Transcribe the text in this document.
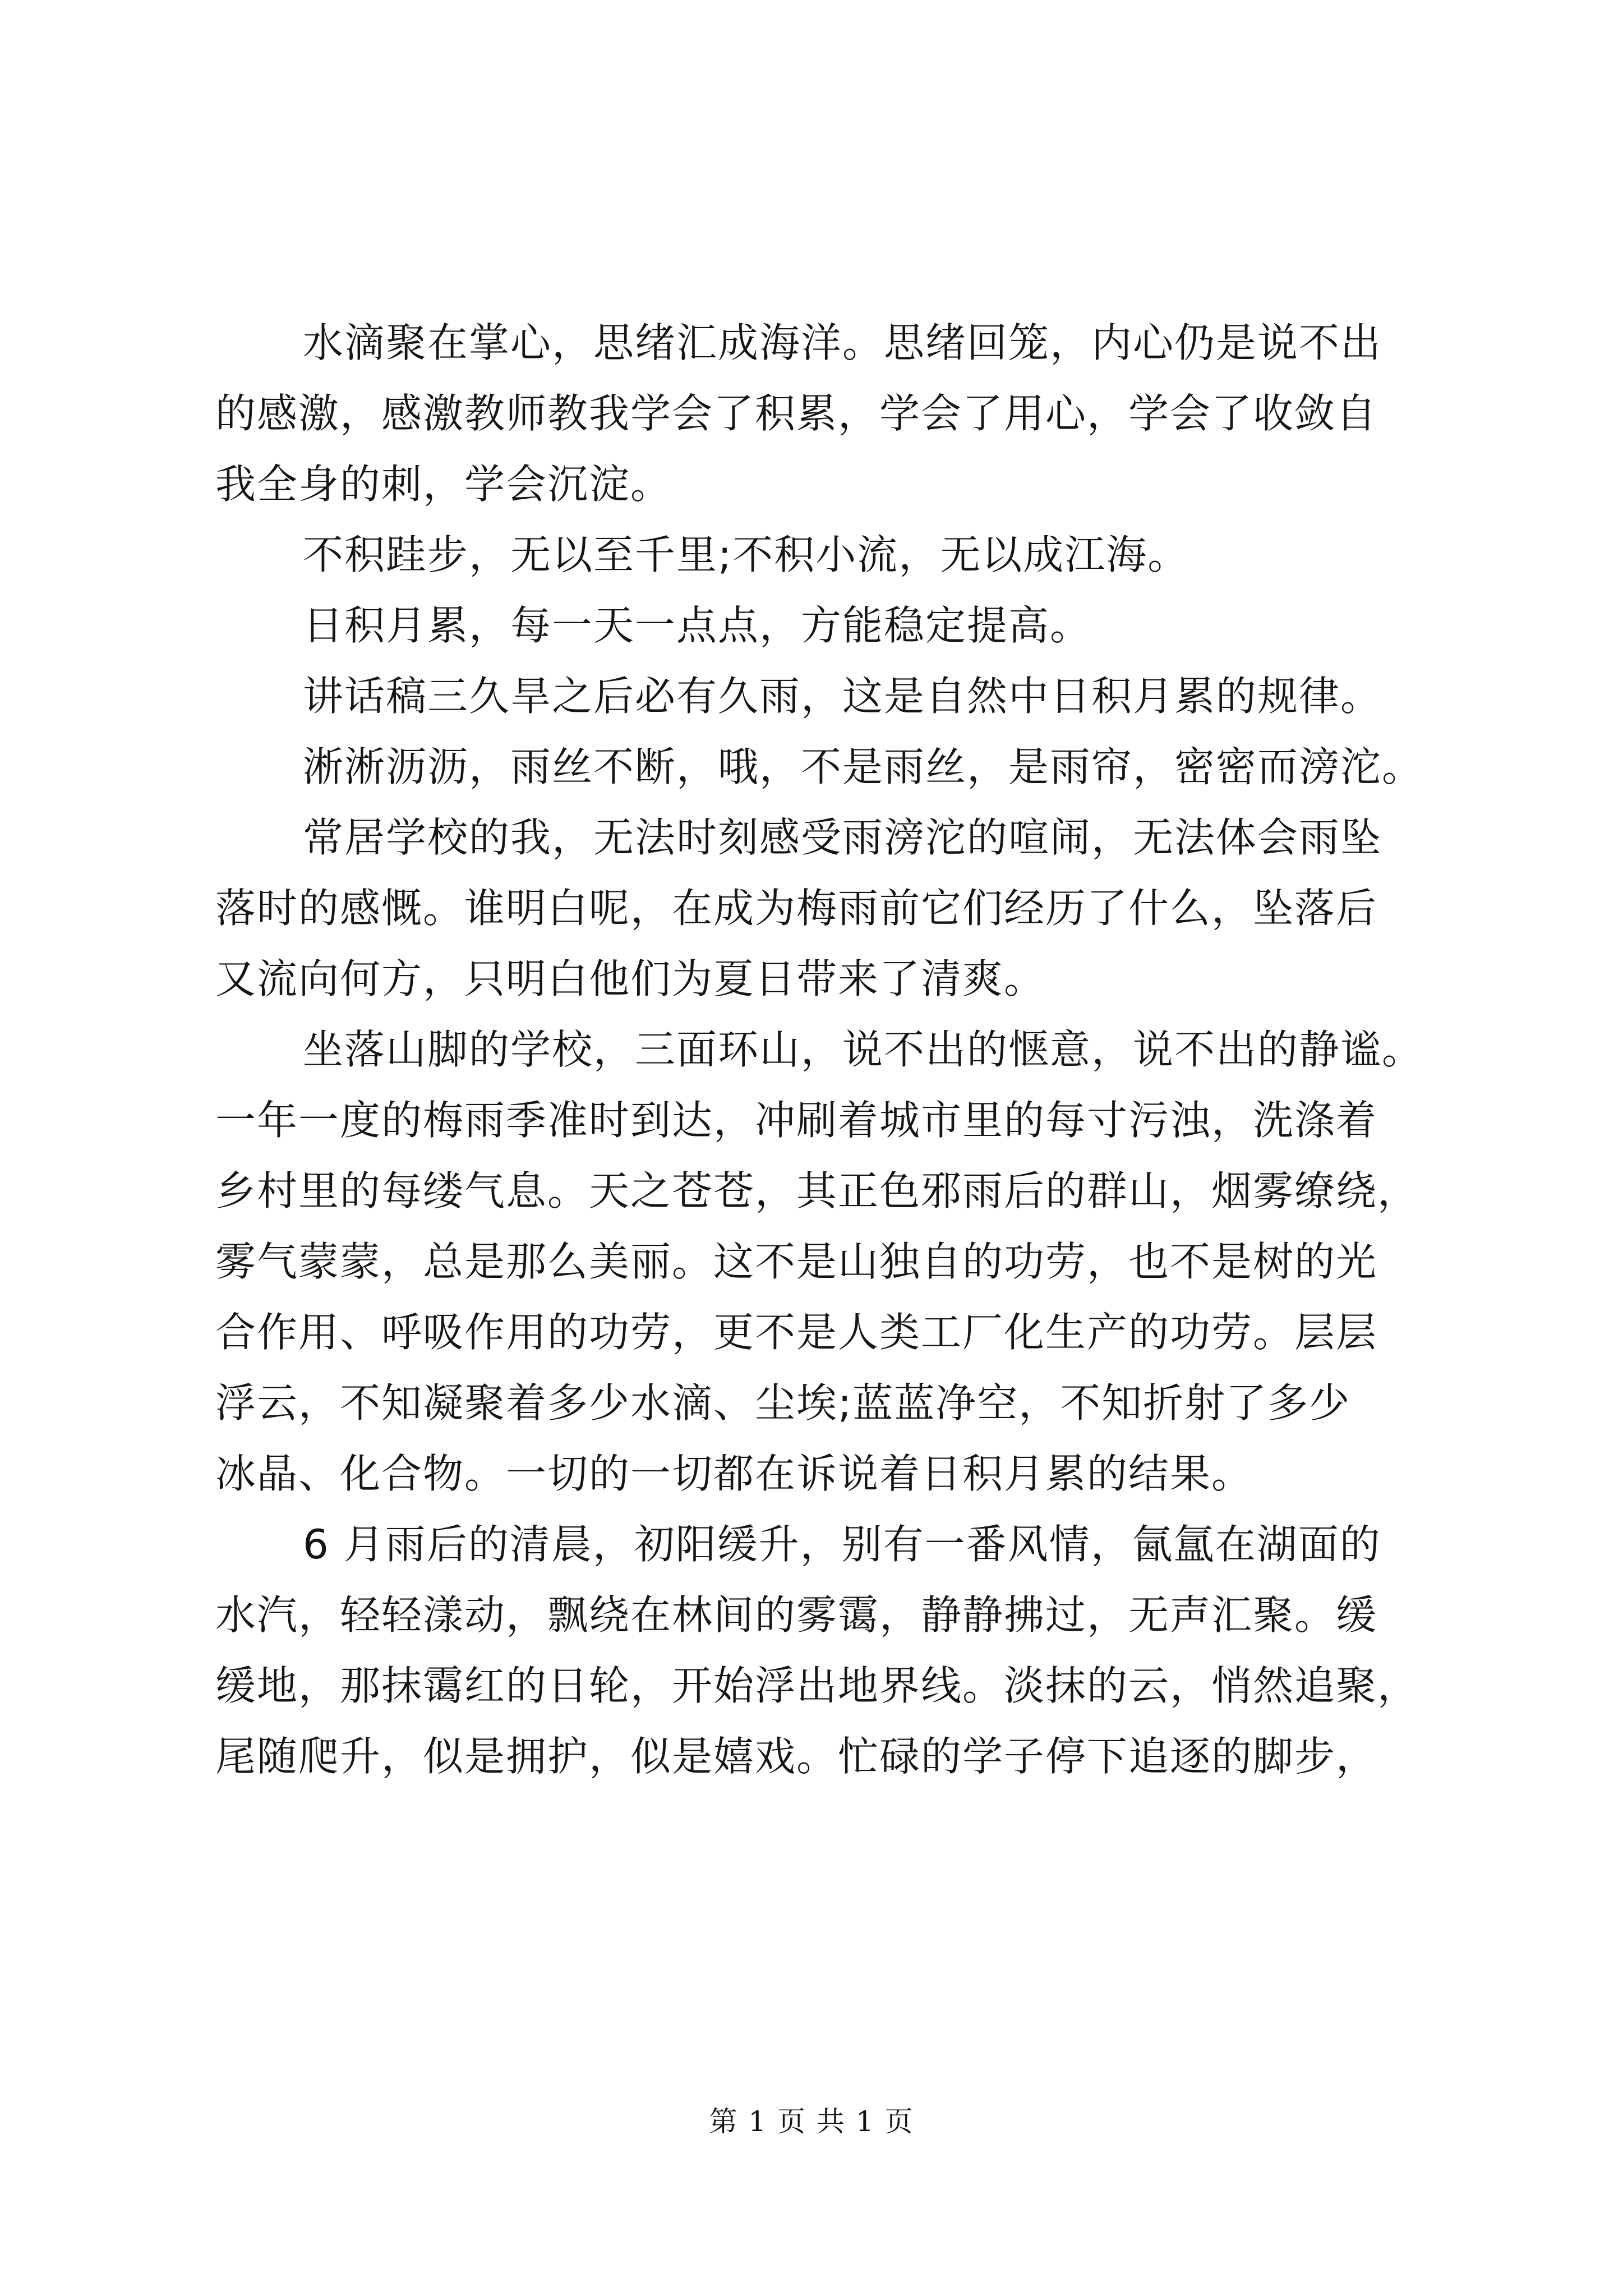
水滴聚在掌心，思绪汇成海洋。思绪回笼，内心仍是说不出
的感激，感激教师教我学会了积累，学会了用心，学会了收敛自
我全身的刺，学会沉淀。
不积跬步，无以至千里;不积小流，无以成江海。
日积月累，每一天一点点，方能稳定提高。
讲话稿三久旱之后必有久雨，这是自然中日积月累的规律。
淅淅沥沥，雨丝不断，哦，不是雨丝，是雨帘，密密而滂沱。
常居学校的我，无法时刻感受雨滂沱的喧闹，无法体会雨坠
落时的感慨。谁明白呢，在成为梅雨前它们经历了什么，坠落后
又流向何方，只明白他们为夏日带来了清爽。
坐落山脚的学校，三面环山，说不出的惬意，说不出的静谧。
一年一度的梅雨季准时到达，冲刷着城市里的每寸污浊，洗涤着
乡村里的每缕气息。天之苍苍，其正色邪雨后的群山，烟雾缭绕，
雾气蒙蒙，总是那么美丽。这不是山独自的功劳，也不是树的光
合作用、呼吸作用的功劳，更不是人类工厂化生产的功劳。层层
浮云，不知凝聚着多少水滴、尘埃;蓝蓝净空，不知折射了多少
冰晶、化合物。一切的一切都在诉说着日积月累的结果。
6 月雨后的清晨，初阳缓升，别有一番风情，氤氲在湖面的
水汽，轻轻漾动，飘绕在林间的雾霭，静静拂过，无声汇聚。缓
缓地，那抹霭红的日轮，开始浮出地界线。淡抹的云，悄然追聚，
尾随爬升，似是拥护，似是嬉戏。忙碌的学子停下追逐的脚步，
第 1 页 共 1 页
